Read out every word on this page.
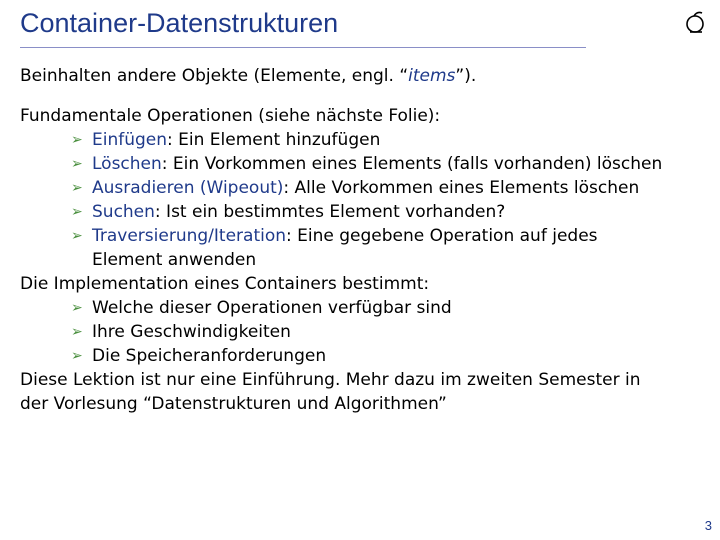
Container-Datenstrukturen
Beinhalten andere Objekte (Elemente, engl. “items”).
Fundamentale Operationen (siehe nächste Folie):
➢ Einfügen: Ein Element hinzufügen
➢ Löschen: Ein Vorkommen eines Elements (falls vorhanden) löschen
➢ Ausradieren (Wipeout): Alle Vorkommen eines Elements löschen
➢ Suchen: Ist ein bestimmtes Element vorhanden?
➢ Traversierung/Iteration: Eine gegebene Operation auf jedes
Element anwenden
Die Implementation eines Containers bestimmt:
➢ Welche dieser Operationen verfügbar sind
➢ Ihre Geschwindigkeiten
➢ Die Speicheranforderungen
Diese Lektion ist nur eine Einführung. Mehr dazu im zweiten Semester in
der Vorlesung “Datenstrukturen und Algorithmen”
3
